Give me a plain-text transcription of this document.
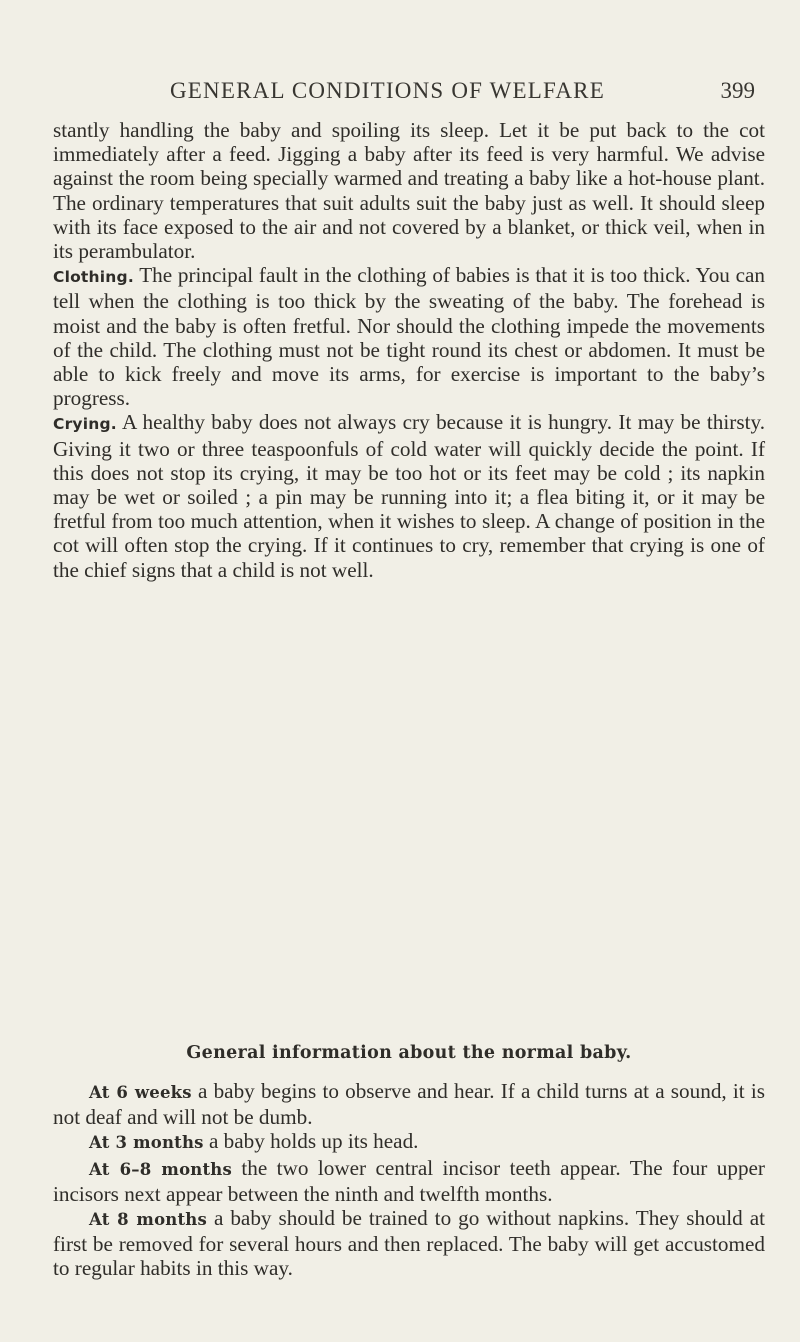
GENERAL CONDITIONS OF WELFARE	399

stantly handling the baby and spoiling its sleep. Let it be put back to the cot immediately after a feed. Jigging a baby after its feed is very harmful. We advise against the room being specially warmed and treating a baby like a hot-house plant. The ordinary temperatures that suit adults suit the baby just as well. It should sleep with its face exposed to the air and not covered by a blanket, or thick veil, when in its perambulator.

Clothing. The principal fault in the clothing of babies is that it is too thick. You can tell when the clothing is too thick by the sweating of the baby. The forehead is moist and the baby is often fretful. Nor should the clothing impede the movements of the child. The clothing must not be tight round its chest or abdomen. It must be able to kick freely and move its arms, for exercise is important to the baby’s progress.

Crying. A healthy baby does not always cry because it is hungry. It may be thirsty. Giving it two or three teaspoonfuls of cold water will quickly decide the point. If this does not stop its crying, it may be too hot or its feet may be cold ; its napkin may be wet or soiled ; a pin may be running into it; a flea biting it, or it may be fretful from too much attention, when it wishes to sleep. A change of position in the cot will often stop the crying. If it continues to cry, remember that crying is one of the chief signs that a child is not well.

General information about the normal baby.

At 6 weeks a baby begins to observe and hear. If a child turns at a sound, it is not deaf and will not be dumb.

At 3 months a baby holds up its head.

At 6–8 months the two lower central incisor teeth appear. The four upper incisors next appear between the ninth and twelfth months.

At 8 months a baby should be trained to go without napkins. They should at first be removed for several hours and then replaced. The baby will get accustomed to regular habits in this way.
